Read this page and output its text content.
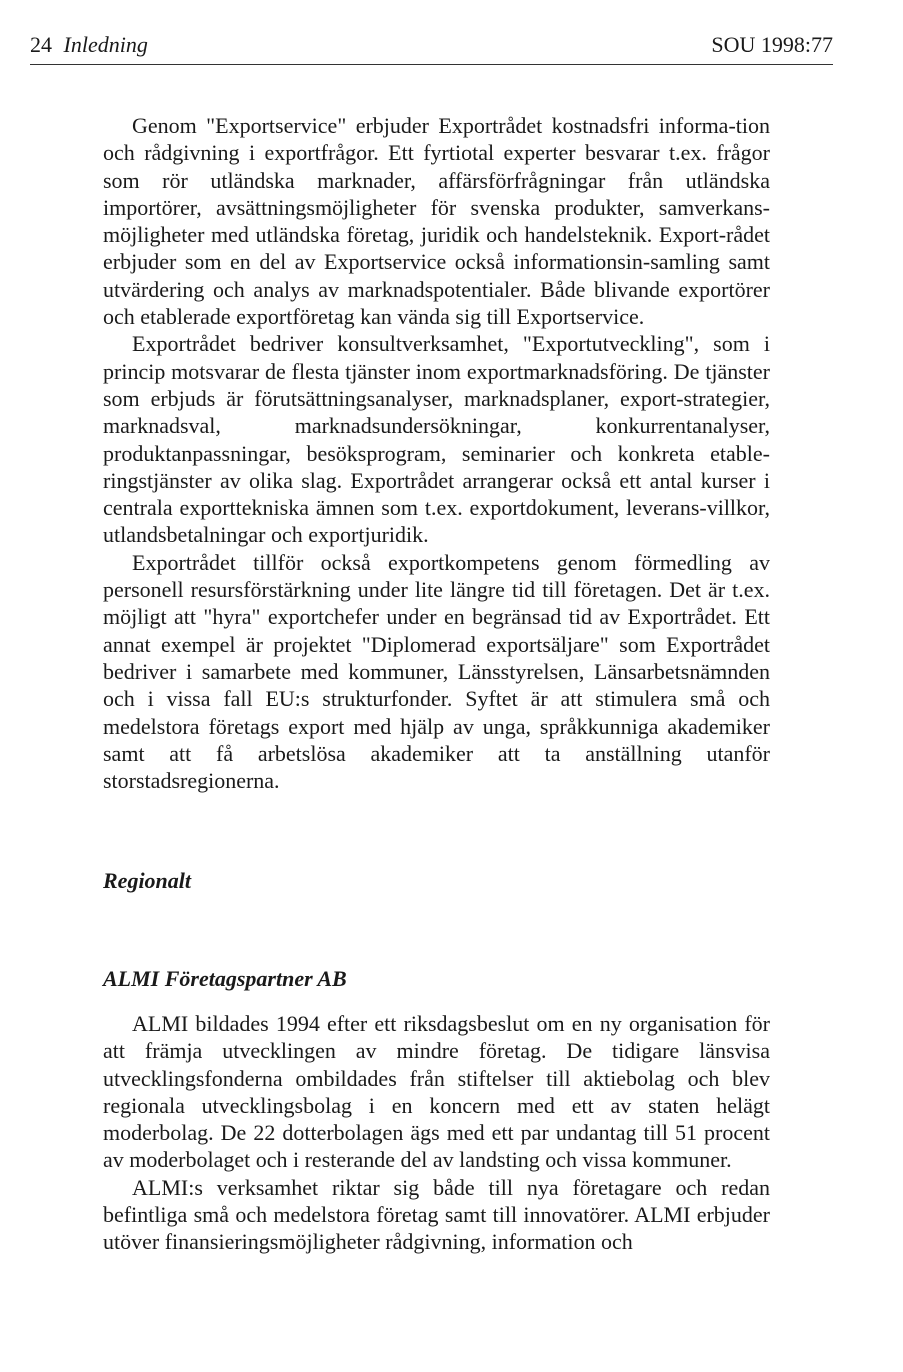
24 Inledning	SOU 1998:77

Genom "Exportservice" erbjuder Exportrådet kostnadsfri informa-tion och rådgivning i exportfrågor. Ett fyrtiotal experter besvarar t.ex. frågor som rör utländska marknader, affärsförfrågningar från utländska importörer, avsättningsmöjligheter för svenska produkter, samverkans-möjligheter med utländska företag, juridik och handelsteknik. Export-rådet erbjuder som en del av Exportservice också informationsin-samling samt utvärdering och analys av marknadspotentialer. Både blivande exportörer och etablerade exportföretag kan vända sig till Exportservice.

Exportrådet bedriver konsultverksamhet, "Exportutveckling", som i princip motsvarar de flesta tjänster inom exportmarknadsföring. De tjänster som erbjuds är förutsättningsanalyser, marknadsplaner, export-strategier, marknadsval, marknadsundersökningar, konkurrentanalyser, produktanpassningar, besöksprogram, seminarier och konkreta etable-ringstjänster av olika slag. Exportrådet arrangerar också ett antal kurser i centrala exporttekniska ämnen som t.ex. exportdokument, leverans-villkor, utlandsbetalningar och exportjuridik.

Exportrådet tillför också exportkompetens genom förmedling av personell resursförstärkning under lite längre tid till företagen. Det är t.ex. möjligt att "hyra" exportchefer under en begränsad tid av Exportrådet. Ett annat exempel är projektet "Diplomerad exportsäljare" som Exportrådet bedriver i samarbete med kommuner, Länsstyrelsen, Länsarbetsnämnden och i vissa fall EU:s strukturfonder. Syftet är att stimulera små och medelstora företags export med hjälp av unga, språkkunniga akademiker samt att få arbetslösa akademiker att ta anställning utanför storstadsregionerna.

Regionalt
ALMI Företagspartner AB

ALMI bildades 1994 efter ett riksdagsbeslut om en ny organisation för att främja utvecklingen av mindre företag. De tidigare länsvisa utvecklingsfonderna ombildades från stiftelser till aktiebolag och blev regionala utvecklingsbolag i en koncern med ett av staten helägt moderbolag. De 22 dotterbolagen ägs med ett par undantag till 51 procent av moderbolaget och i resterande del av landsting och vissa kommuner.

ALMI:s verksamhet riktar sig både till nya företagare och redan befintliga små och medelstora företag samt till innovatörer. ALMI erbjuder utöver finansieringsmöjligheter rådgivning, information och
